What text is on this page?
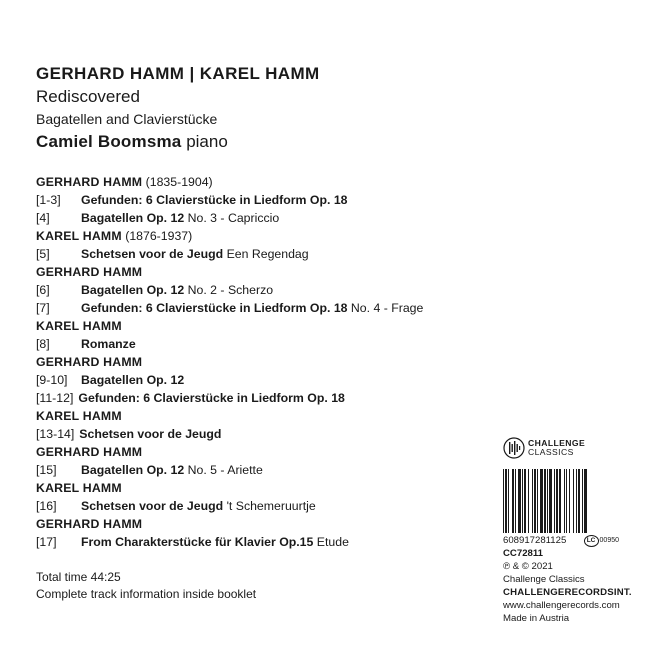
GERHARD HAMM | KAREL HAMM
Rediscovered
Bagatellen and Clavierstücke
Camiel Boomsma piano
GERHARD HAMM (1835-1904)
[1-3] Gefunden: 6 Clavierstücke in Liedform Op. 18
[4]	Bagatellen Op. 12 No. 3 - Capriccio
KAREL HAMM (1876-1937)
[5]	Schetsen voor de Jeugd Een Regendag
GERHARD HAMM
[6]	Bagatellen Op. 12 No. 2 - Scherzo
[7]	Gefunden: 6 Clavierstücke in Liedform Op. 18 No. 4 - Frage
KAREL HAMM
[8]	Romanze
GERHARD HAMM
[9-10] Bagatellen Op. 12
[11-12] Gefunden: 6 Clavierstücke in Liedform Op. 18
KAREL HAMM
[13-14] Schetsen voor de Jeugd
GERHARD HAMM
[15] Bagatellen Op. 12 No. 5 - Ariette
KAREL HAMM
[16] Schetsen voor de Jeugd 't Schemeruurtje
GERHARD HAMM
[17] From Charakterstücke für Klavier Op.15 Etude
Total time 44:25
Complete track information inside booklet
CHALLENGE
CLASSICS
608917281125	LC 00950
CC72811
℗ & © 2021
Challenge Classics
CHALLENGERECORDSINT.
www.challengerecords.com
Made in Austria
